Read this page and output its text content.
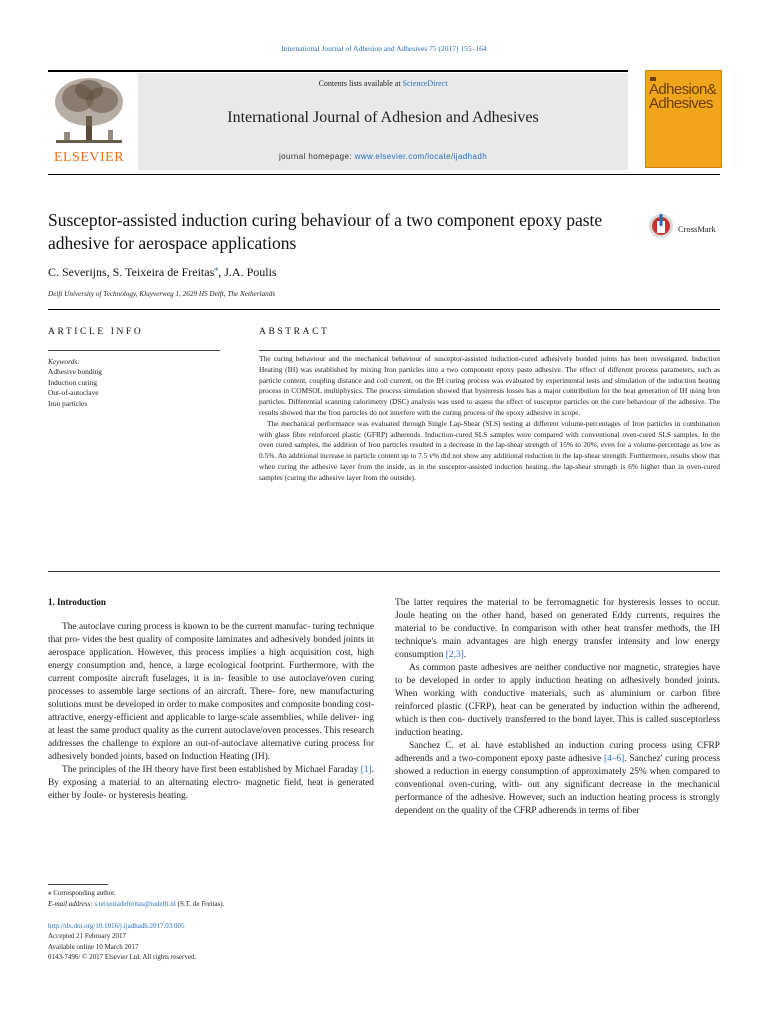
International Journal of Adhesion and Adhesives 75 (2017) 155–164
ELSEVIER
Contents lists available at ScienceDirect
International Journal of Adhesion and Adhesives
journal homepage: www.elsevier.com/locate/ijadhadh
Adhesion&
Adhesives
Susceptor-assisted induction curing behaviour of a two component epoxy paste adhesive for aerospace applications
CrossMark
C. Severijns, S. Teixeira de Freitas⁎, J.A. Poulis
Delft University of Technology, Kluyverweg 1, 2629 HS Delft, The Netherlands
ARTICLE INFO	ABSTRACT
Keywords:
Adhesive bonding
Induction curing
Out-of-autoclave
Iron particles

The curing behaviour and the mechanical behaviour of susceptor-assisted induction-cured adhesively bonded joints has been investigated. Induction Heating (IH) was established by mixing Iron particles into a two component epoxy paste adhesive. The effect of different process parameters, such as particle content, coupling distance and coil current, on the IH curing process was evaluated by experimental tests and simulation of the induction heating process in COMSOL multiphysics. The process simulation showed that hysteresis losses has a major contribution for the heat generation of IH using Iron particles. Differential scanning calorimetry (DSC) analysis was used to assess the effect of susceptor particles on the cure behaviour of the adhesive. The results showed that the Iron particles do not interfere with the curing process of the epoxy adhesive in scope.

The mechanical performance was evaluated through Single Lap-Shear (SLS) testing at different volume-percentages of Iron particles in combination with glass fibre reinforced plastic (GFRP) adherends. Induction-cured SLS samples were compared with conventional oven-cured SLS samples. In the oven cured samples, the addition of Iron particles resulted in a decrease in the lap-shear strength of 15% to 20%, even for a volume-percentage as low as 0.5%. An additional increase in particle content up to 7.5 v% did not show any additional reduction in the lap-shear strength. Furthermore, results show that when curing the adhesive layer from the inside, as in the susceptor-assisted induction heating, the lap-shear strength is 6% higher than in oven-cured samples (curing the adhesive layer from the outside).

1. Introduction

The autoclave curing process is known to be the current manufac- turing technique that pro- vides the best quality of composite laminates and adhesively bonded joints in aerospace application. However, this process implies a high acquisition cost, high energy consumption and, hence, a large ecological footprint. Furthermore, with the current composite aircraft fuselages, it is in- feasible to use autoclave/oven curing processes to assemble large sections of an aircraft. There- fore, new manufacturing solutions must be developed in order to make composites and composite bonding cost-attractive, energy-efficient and applicable to large-scale assemblies, while deliver- ing at least the same product quality as the current autoclave/oven processes. This research addresses the challenge to explore an out-of-autoclave alternative curing process for adhesively bonded joints, based on Induction Heating (IH).

The principles of the IH theory have first been established by Michael Faraday [1]. By exposing a material to an alternating electro- magnetic field, heat is generated either by Joule- or hysteresis heating.

The latter requires the material to be ferromagnetic for hysteresis losses to occur. Joule heating on the other hand, based on generated Eddy currents, requires the material to be conductive. In comparison with other heat transfer methods, the IH technique's main advantages are high energy transfer intensity and low energy consumption [2,3].

As common paste adhesives are neither conductive nor magnetic, strategies have to be developed in order to apply induction heating on adhesively bonded joints. When working with conductive materials, such as aluminium or carbon fibre reinforced plastic (CFRP), heat can be generated by induction within the adherend, which is then con- ductively transferred to the bond layer. This is called susceptorless induction heating.

Sanchez C. et al. have established an induction curing process using CFRP adherends and a two-component epoxy paste adhesive [4–6]. Sanchez' curing process showed a reduction in energy consumption of approximately 25% when compared to conventional oven-curing, with- out any significant decrease in the mechanical performance of the adhesive. However, such an induction heating process is strongly dependent on the quality of the CFRP adherends in terms of fiber

⁎ Corresponding author.
E-mail address: s.teixeiradefreitas@tudelft.nl (S.T. de Freitas).
http://dx.doi.org/10.1016/j.ijadhadh.2017.03.005
Accepted 21 February 2017
Available online 10 March 2017
0143-7496/ © 2017 Elsevier Ltd. All rights reserved.
